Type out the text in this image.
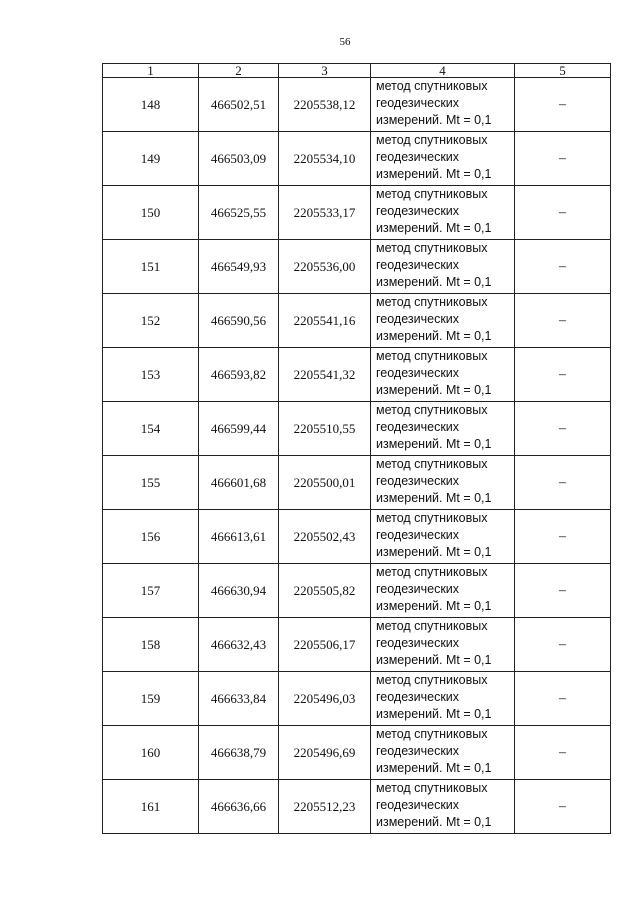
56
1	2	3	4	5
148	466502,51	2205538,12	метод спутниковых геодезических измерений. Mt = 0,1	–
149	466503,09	2205534,10	метод спутниковых геодезических измерений. Mt = 0,1	–
150	466525,55	2205533,17	метод спутниковых геодезических измерений. Mt = 0,1	–
151	466549,93	2205536,00	метод спутниковых геодезических измерений. Mt = 0,1	–
152	466590,56	2205541,16	метод спутниковых геодезических измерений. Mt = 0,1	–
153	466593,82	2205541,32	метод спутниковых геодезических измерений. Mt = 0,1	–
154	466599,44	2205510,55	метод спутниковых геодезических измерений. Mt = 0,1	–
155	466601,68	2205500,01	метод спутниковых геодезических измерений. Mt = 0,1	–
156	466613,61	2205502,43	метод спутниковых геодезических измерений. Mt = 0,1	–
157	466630,94	2205505,82	метод спутниковых геодезических измерений. Mt = 0,1	–
158	466632,43	2205506,17	метод спутниковых геодезических измерений. Mt = 0,1	–
159	466633,84	2205496,03	метод спутниковых геодезических измерений. Mt = 0,1	–
160	466638,79	2205496,69	метод спутниковых геодезических измерений. Mt = 0,1	–
161	466636,66	2205512,23	метод спутниковых геодезических измерений. Mt = 0,1	–
